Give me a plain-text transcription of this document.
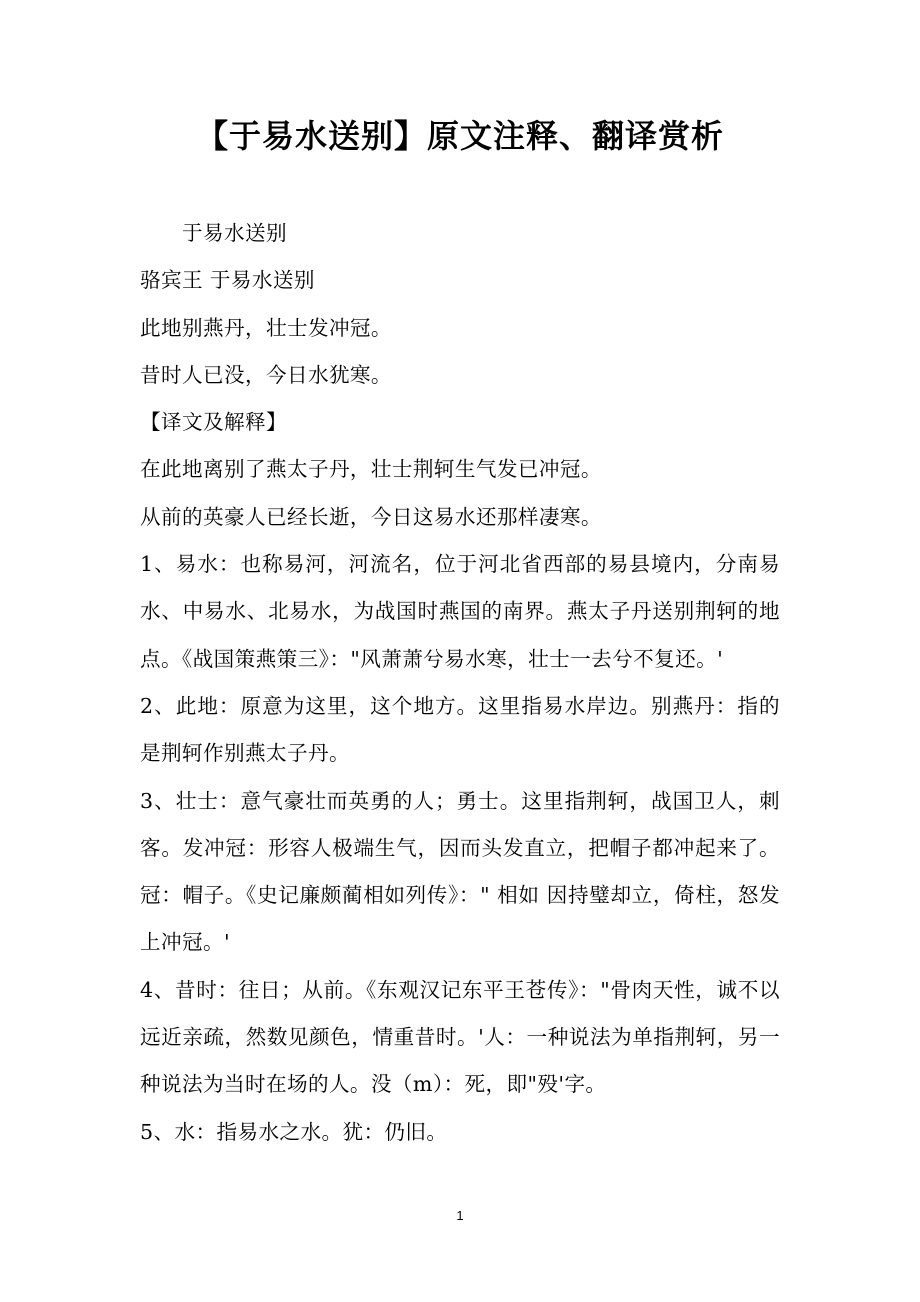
【于易水送别】原文注释、翻译赏析

于易水送别

骆宾王 于易水送别

此地别燕丹，壮士发冲冠。

昔时人已没，今日水犹寒。

【译文及解释】

在此地离别了燕太子丹，壮士荆轲生气发已冲冠。

从前的英豪人已经长逝，今日这易水还那样凄寒。

1、易水：也称易河，河流名，位于河北省西部的易县境内，分南易水、中易水、北易水，为战国时燕国的南界。燕太子丹送别荆轲的地点。《战国策燕策三》："风萧萧兮易水寒，壮士一去兮不复还。'

2、此地：原意为这里，这个地方。这里指易水岸边。别燕丹：指的是荆轲作别燕太子丹。

3、壮士：意气豪壮而英勇的人；勇士。这里指荆轲，战国卫人，刺客。发冲冠：形容人极端生气，因而头发直立，把帽子都冲起来了。冠：帽子。《史记廉颇蔺相如列传》：" 相如 因持璧却立，倚柱，怒发上冲冠。'

4、昔时：往日；从前。《东观汉记东平王苍传》："骨肉天性，诚不以远近亲疏，然数见颜色，情重昔时。'人：一种说法为单指荆轲，另一种说法为当时在场的人。没（m）：死，即"殁'字。

5、水：指易水之水。犹：仍旧。

1
